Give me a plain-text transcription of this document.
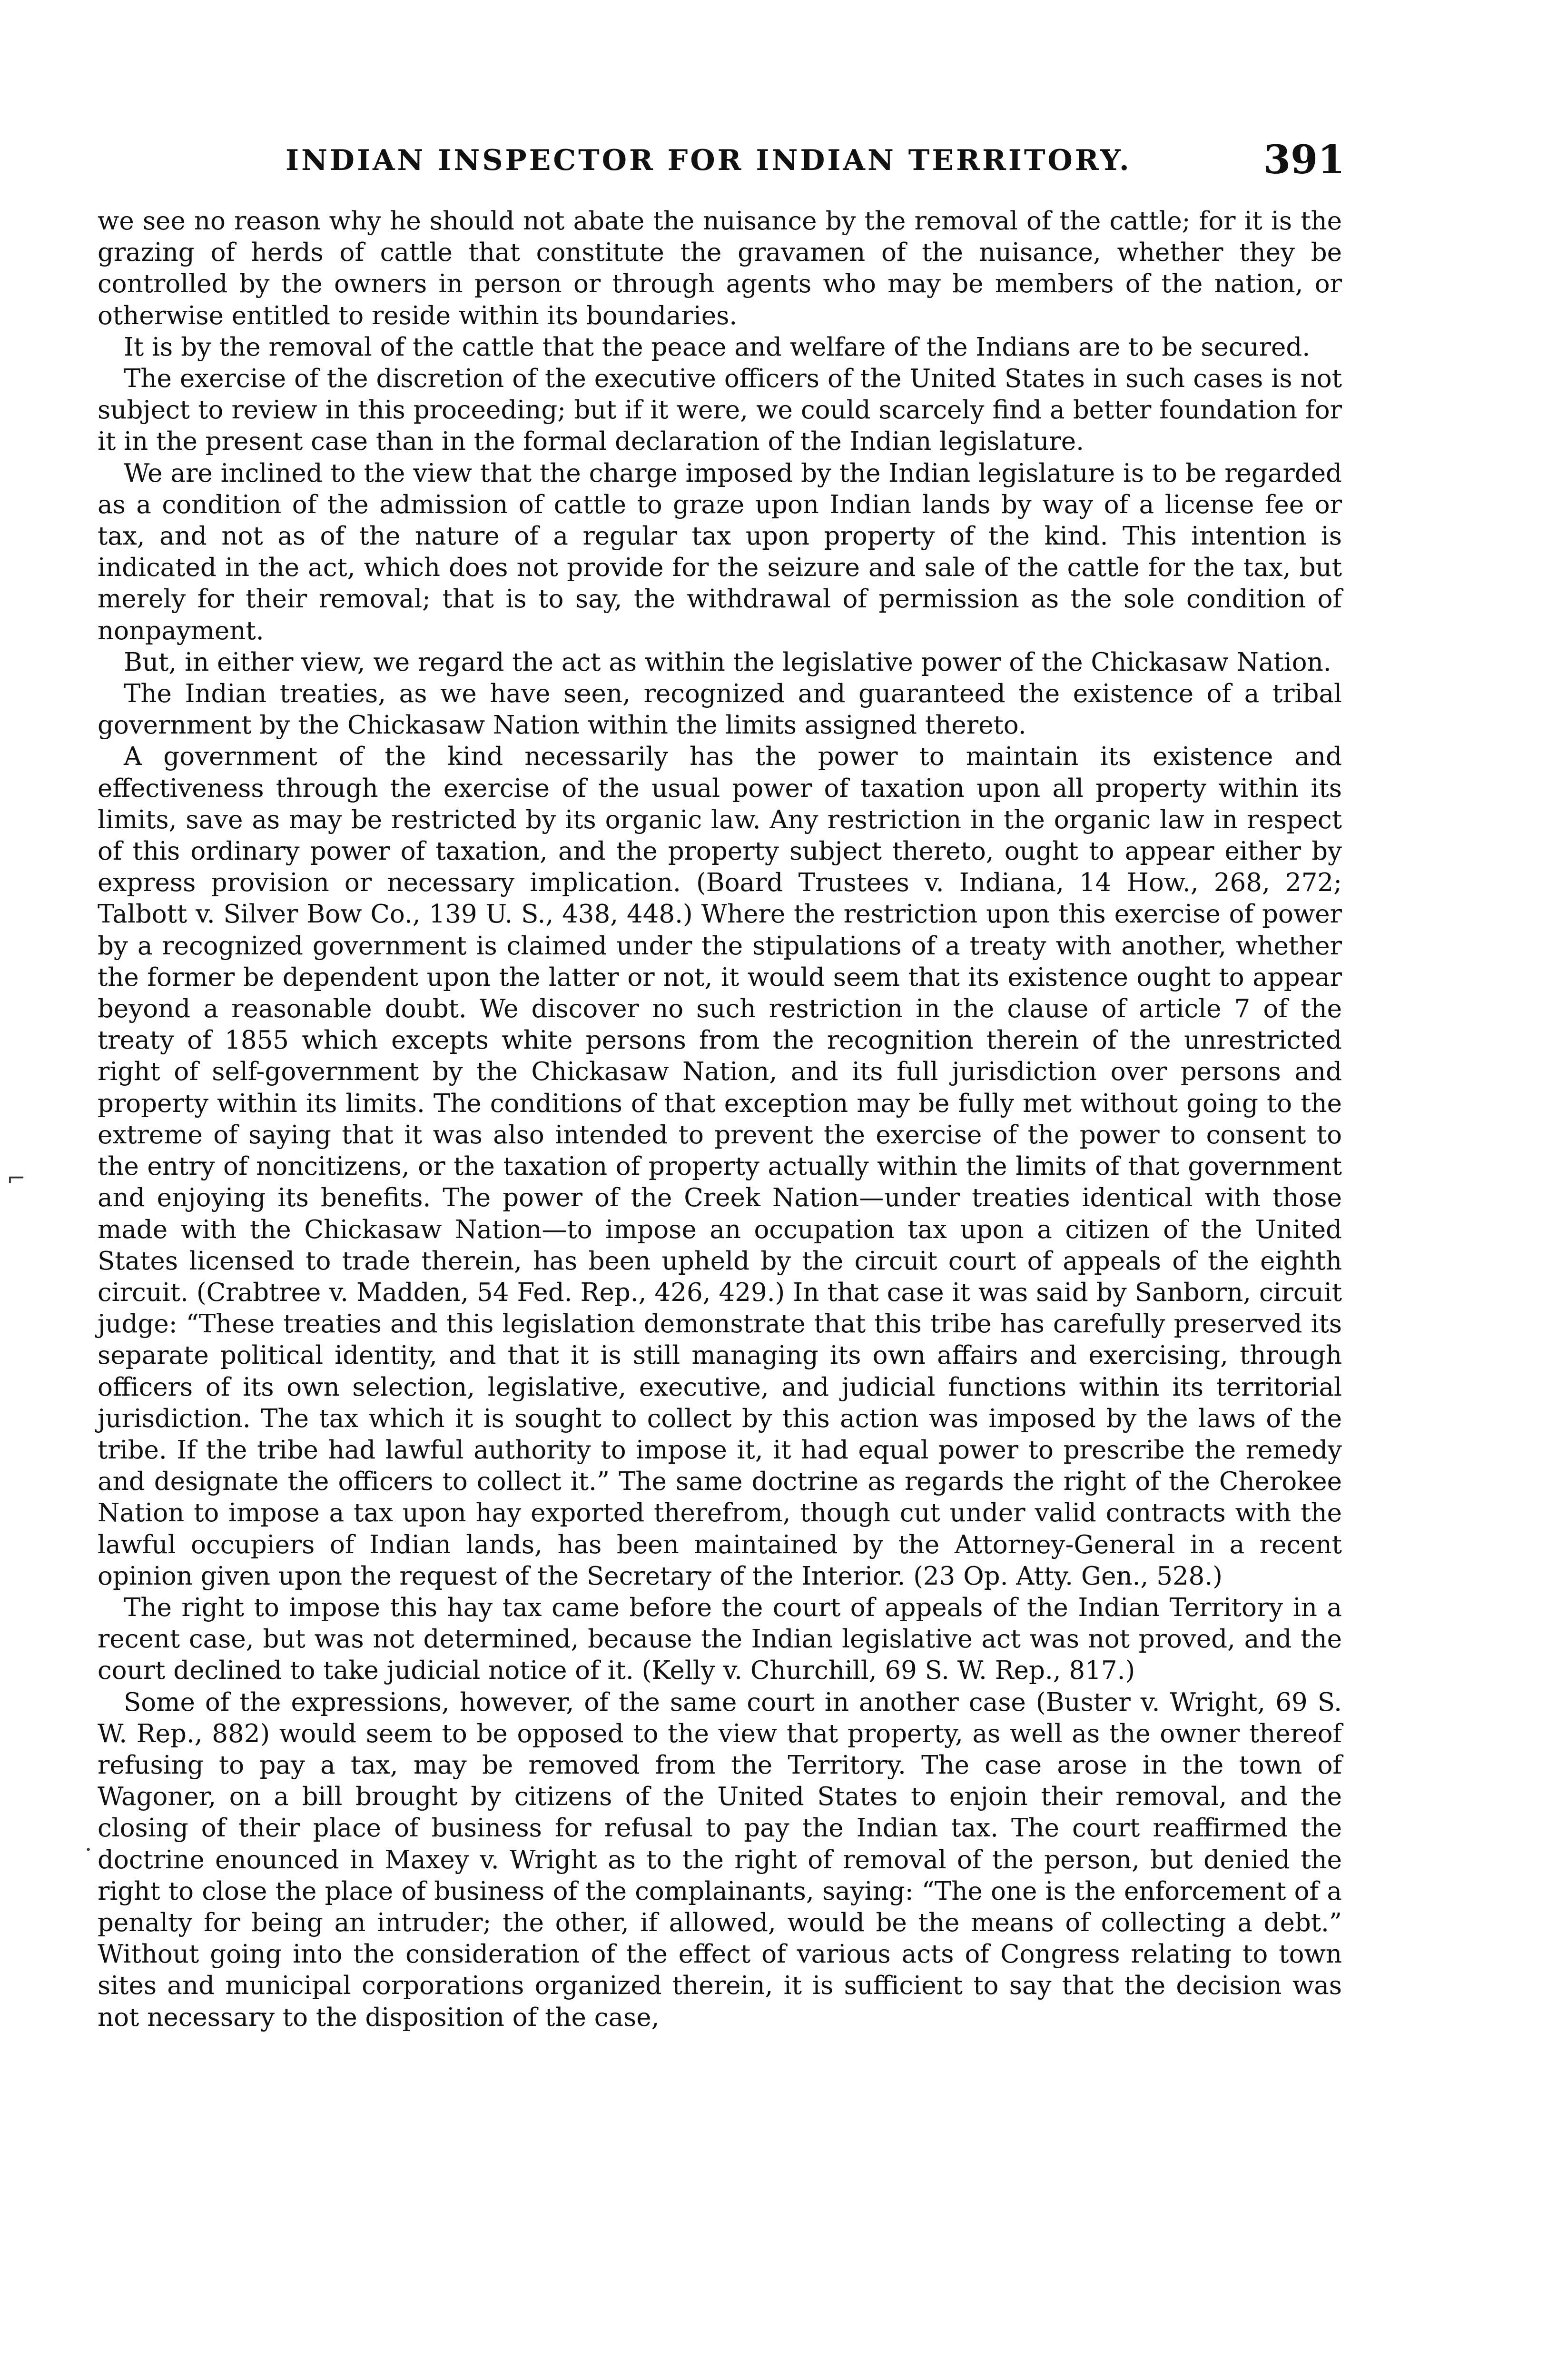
INDIAN INSPECTOR FOR INDIAN TERRITORY.	391

we see no reason why he should not abate the nuisance by the removal of the cattle; for it is the grazing of herds of cattle that constitute the gravamen of the nuisance, whether they be controlled by the owners in person or through agents who may be members of the nation, or otherwise entitled to reside within its boundaries.

It is by the removal of the cattle that the peace and welfare of the Indians are to be secured.

The exercise of the discretion of the executive officers of the United States in such cases is not subject to review in this proceeding; but if it were, we could scarcely find a better foundation for it in the present case than in the formal declaration of the Indian legislature.

We are inclined to the view that the charge imposed by the Indian legislature is to be regarded as a condition of the admission of cattle to graze upon Indian lands by way of a license fee or tax, and not as of the nature of a regular tax upon property of the kind. This intention is indicated in the act, which does not provide for the seizure and sale of the cattle for the tax, but merely for their removal; that is to say, the withdrawal of permission as the sole condition of nonpayment.

But, in either view, we regard the act as within the legislative power of the Chickasaw Nation.

The Indian treaties, as we have seen, recognized and guaranteed the existence of a tribal government by the Chickasaw Nation within the limits assigned thereto.

A government of the kind necessarily has the power to maintain its existence and effectiveness through the exercise of the usual power of taxation upon all property within its limits, save as may be restricted by its organic law. Any restriction in the organic law in respect of this ordinary power of taxation, and the property subject thereto, ought to appear either by express provision or necessary implication. (Board Trustees v. Indiana, 14 How., 268, 272; Talbott v. Silver Bow Co., 139 U. S., 438, 448.) Where the restriction upon this exercise of power by a recognized government is claimed under the stipulations of a treaty with another, whether the former be dependent upon the latter or not, it would seem that its existence ought to appear beyond a reasonable doubt. We discover no such restriction in the clause of article 7 of the treaty of 1855 which excepts white persons from the recognition therein of the unrestricted right of self-government by the Chickasaw Nation, and its full jurisdiction over persons and property within its limits. The conditions of that exception may be fully met without going to the extreme of saying that it was also intended to prevent the exercise of the power to consent to the entry of noncitizens, or the taxation of property actually within the limits of that government and enjoying its benefits. The power of the Creek Nation—under treaties identical with those made with the Chickasaw Nation—to impose an occupation tax upon a citizen of the United States licensed to trade therein, has been upheld by the circuit court of appeals of the eighth circuit. (Crabtree v. Madden, 54 Fed. Rep., 426, 429.) In that case it was said by Sanborn, circuit judge: “These treaties and this legislation demonstrate that this tribe has carefully preserved its separate political identity, and that it is still managing its own affairs and exercising, through officers of its own selection, legislative, executive, and judicial functions within its territorial jurisdiction. The tax which it is sought to collect by this action was imposed by the laws of the tribe. If the tribe had lawful authority to impose it, it had equal power to prescribe the remedy and designate the officers to collect it.” The same doctrine as regards the right of the Cherokee Nation to impose a tax upon hay exported therefrom, though cut under valid contracts with the lawful occupiers of Indian lands, has been maintained by the Attorney-General in a recent opinion given upon the request of the Secretary of the Interior. (23 Op. Atty. Gen., 528.)

The right to impose this hay tax came before the court of appeals of the Indian Territory in a recent case, but was not determined, because the Indian legislative act was not proved, and the court declined to take judicial notice of it. (Kelly v. Churchill, 69 S. W. Rep., 817.)

Some of the expressions, however, of the same court in another case (Buster v. Wright, 69 S. W. Rep., 882) would seem to be opposed to the view that property, as well as the owner thereof refusing to pay a tax, may be removed from the Territory. The case arose in the town of Wagoner, on a bill brought by citizens of the United States to enjoin their removal, and the closing of their place of business for refusal to pay the Indian tax. The court reaffirmed the doctrine enounced in Maxey v. Wright as to the right of removal of the person, but denied the right to close the place of business of the complainants, saying: “The one is the enforcement of a penalty for being an intruder; the other, if allowed, would be the means of collecting a debt.” Without going into the consideration of the effect of various acts of Congress relating to town sites and municipal corporations organized therein, it is sufficient to say that the decision was not necessary to the disposition of the case,

⌐
·
